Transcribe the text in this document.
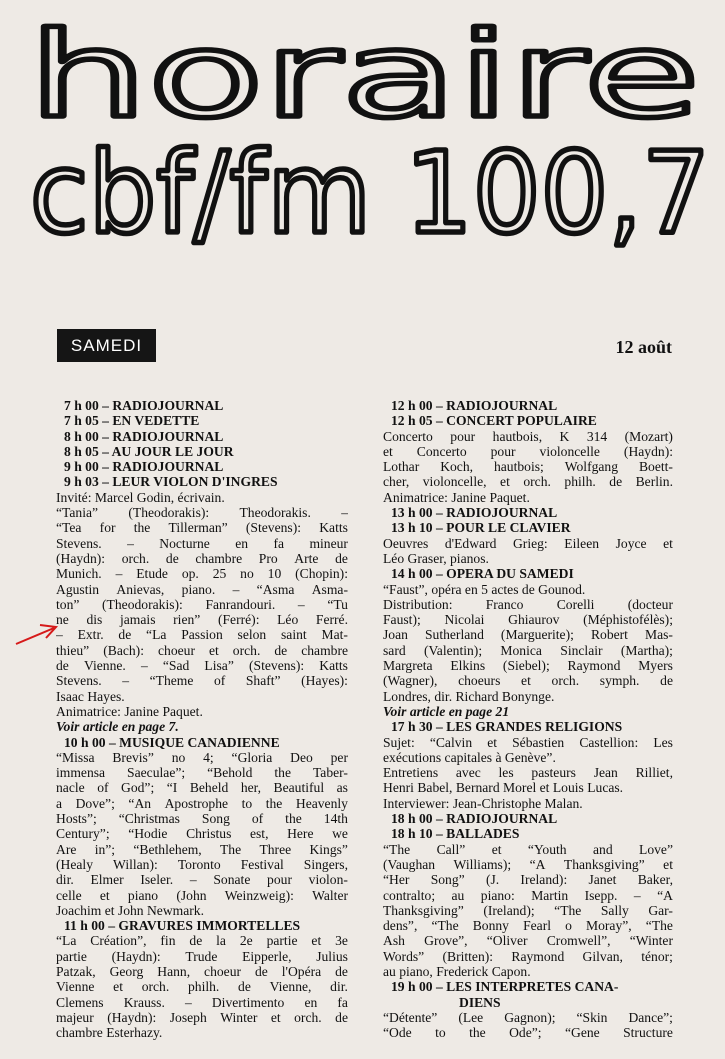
horaire
cbf/fm 100,7
SAMEDI	12 août
7 h 00 – RADIOJOURNAL
7 h 05 – EN VEDETTE
8 h 00 – RADIOJOURNAL
8 h 05 – AU JOUR LE JOUR
9 h 00 – RADIOJOURNAL
9 h 03 – LEUR VIOLON D'INGRES
Invité: Marcel Godin, écrivain.
“Tania” (Theodorakis): Theodorakis. –
“Tea for the Tillerman” (Stevens): Katts
Stevens. – Nocturne en fa mineur
(Haydn): orch. de chambre Pro Arte de
Munich. – Etude op. 25 no 10 (Chopin):
Agustin Anievas, piano. – “Asma Asma-
ton” (Theodorakis): Fanrandouri. – “Tu
ne dis jamais rien” (Ferré): Léo Ferré.
– Extr. de “La Passion selon saint Mat-
thieu” (Bach): choeur et orch. de chambre
de Vienne. – “Sad Lisa” (Stevens): Katts
Stevens. – “Theme of Shaft” (Hayes):
Isaac Hayes.
Animatrice: Janine Paquet.
Voir article en page 7.
10 h 00 – MUSIQUE CANADIENNE
“Missa Brevis” no 4; “Gloria Deo per
immensa Saeculae”; “Behold the Taber-
nacle of God”; “I Beheld her, Beautiful as
a Dove”; “An Apostrophe to the Heavenly
Hosts”; “Christmas Song of the 14th
Century”; “Hodie Christus est, Here we
Are in”; “Bethlehem, The Three Kings”
(Healy Willan): Toronto Festival Singers,
dir. Elmer Iseler. – Sonate pour violon-
celle et piano (John Weinzweig): Walter
Joachim et John Newmark.
11 h 00 – GRAVURES IMMORTELLES
“La Création”, fin de la 2e partie et 3e
partie (Haydn): Trude Eipperle, Julius
Patzak, Georg Hann, choeur de l'Opéra de
Vienne et orch. philh. de Vienne, dir.
Clemens Krauss. – Divertimento en fa
majeur (Haydn): Joseph Winter et orch. de
chambre Esterhazy.
12 h 00 – RADIOJOURNAL
12 h 05 – CONCERT POPULAIRE
Concerto pour hautbois, K 314 (Mozart)
et Concerto pour violoncelle (Haydn):
Lothar Koch, hautbois; Wolfgang Boett-
cher, violoncelle, et orch. philh. de Berlin.
Animatrice: Janine Paquet.
13 h 00 – RADIOJOURNAL
13 h 10 – POUR LE CLAVIER
Oeuvres d'Edward Grieg: Eileen Joyce et
Léo Graser, pianos.
14 h 00 – OPERA DU SAMEDI
“Faust”, opéra en 5 actes de Gounod.
Distribution: Franco Corelli (docteur
Faust); Nicolai Ghiaurov (Méphistofélès);
Joan Sutherland (Marguerite); Robert Mas-
sard (Valentin); Monica Sinclair (Martha);
Margreta Elkins (Siebel); Raymond Myers
(Wagner), choeurs et orch. symph. de
Londres, dir. Richard Bonynge.
Voir article en page 21
17 h 30 – LES GRANDES RELIGIONS
Sujet: “Calvin et Sébastien Castellion: Les
exécutions capitales à Genève”.
Entretiens avec les pasteurs Jean Rilliet,
Henri Babel, Bernard Morel et Louis Lucas.
Interviewer: Jean-Christophe Malan.
18 h 00 – RADIOJOURNAL
18 h 10 – BALLADES
“The Call” et “Youth and Love”
(Vaughan Williams); “A Thanksgiving” et
“Her Song” (J. Ireland): Janet Baker,
contralto; au piano: Martin Isepp. – “A
Thanksgiving” (Ireland); “The Sally Gar-
dens”, “The Bonny Fearl o Moray”, “The
Ash Grove”, “Oliver Cromwell”, “Winter
Words” (Britten): Raymond Gilvan, ténor;
au piano, Frederick Capon.
19 h 00 – LES INTERPRETES CANA-
DIENS
“Détente” (Lee Gagnon); “Skin Dance”;
“Ode to the Ode”; “Gene Structure
